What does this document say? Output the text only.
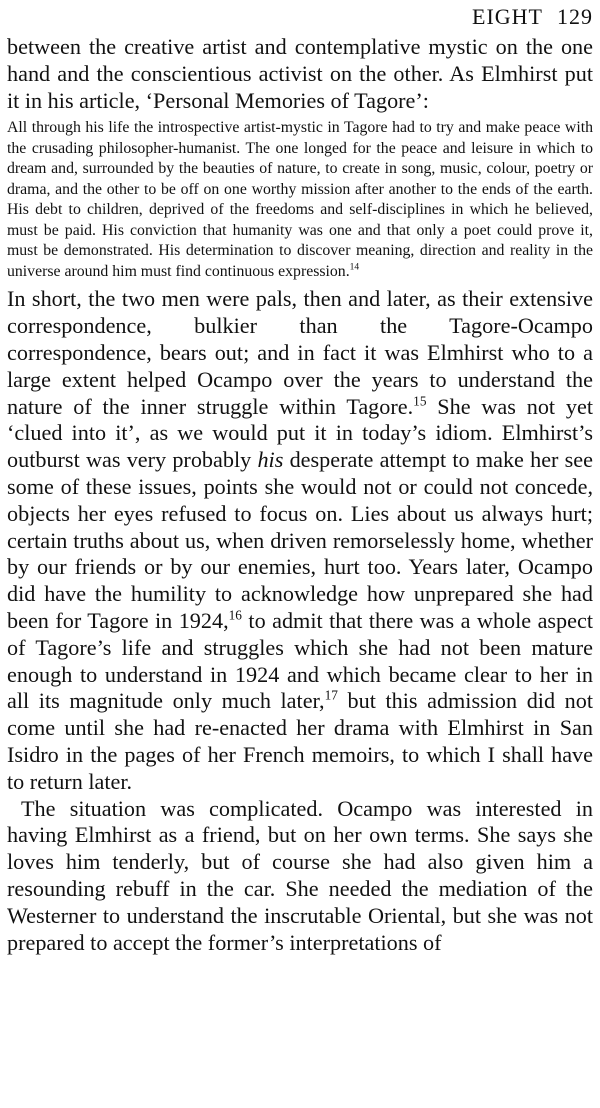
EIGHT 129

between the creative artist and contemplative mystic on the one hand and the conscientious activist on the other. As Elmhirst put it in his article, ‘Personal Memories of Tagore’:

All through his life the introspective artist-mystic in Tagore had to try and make peace with the crusading philosopher-humanist. The one longed for the peace and leisure in which to dream and, surrounded by the beauties of nature, to create in song, music, colour, poetry or drama, and the other to be off on one worthy mission after another to the ends of the earth. His debt to children, deprived of the freedoms and self-disciplines in which he believed, must be paid. His conviction that humanity was one and that only a poet could prove it, must be demonstrated. His determination to discover meaning, direction and reality in the universe around him must find continuous expression.$^{14}$

In short, the two men were pals, then and later, as their extensive correspondence, bulkier than the Tagore-Ocampo correspondence, bears out; and in fact it was Elmhirst who to a large extent helped Ocampo over the years to understand the nature of the inner struggle within Tagore.$^{15}$ She was not yet ‘clued into it’, as we would put it in today’s idiom. Elmhirst’s outburst was very probably his desperate attempt to make her see some of these issues, points she would not or could not concede, objects her eyes refused to focus on. Lies about us always hurt; certain truths about us, when driven remorselessly home, whether by our friends or by our enemies, hurt too. Years later, Ocampo did have the humility to acknowledge how unprepared she had been for Tagore in 1924,16 to admit that there was a whole aspect of Tagore’s life and struggles which she had not been mature enough to understand in 1924 and which became clear to her in all its magnitude only much later,$^{17}$ but this admission did not come until she had re-enacted her drama with Elmhirst in San Isidro in the pages of her French memoirs, to which I shall have to return later.

The situation was complicated. Ocampo was interested in having Elmhirst as a friend, but on her own terms. She says she loves him tenderly, but of course she had also given him a resounding rebuff in the car. She needed the mediation of the Westerner to understand the inscrutable Oriental, but she was not prepared to accept the former’s interpretations of
